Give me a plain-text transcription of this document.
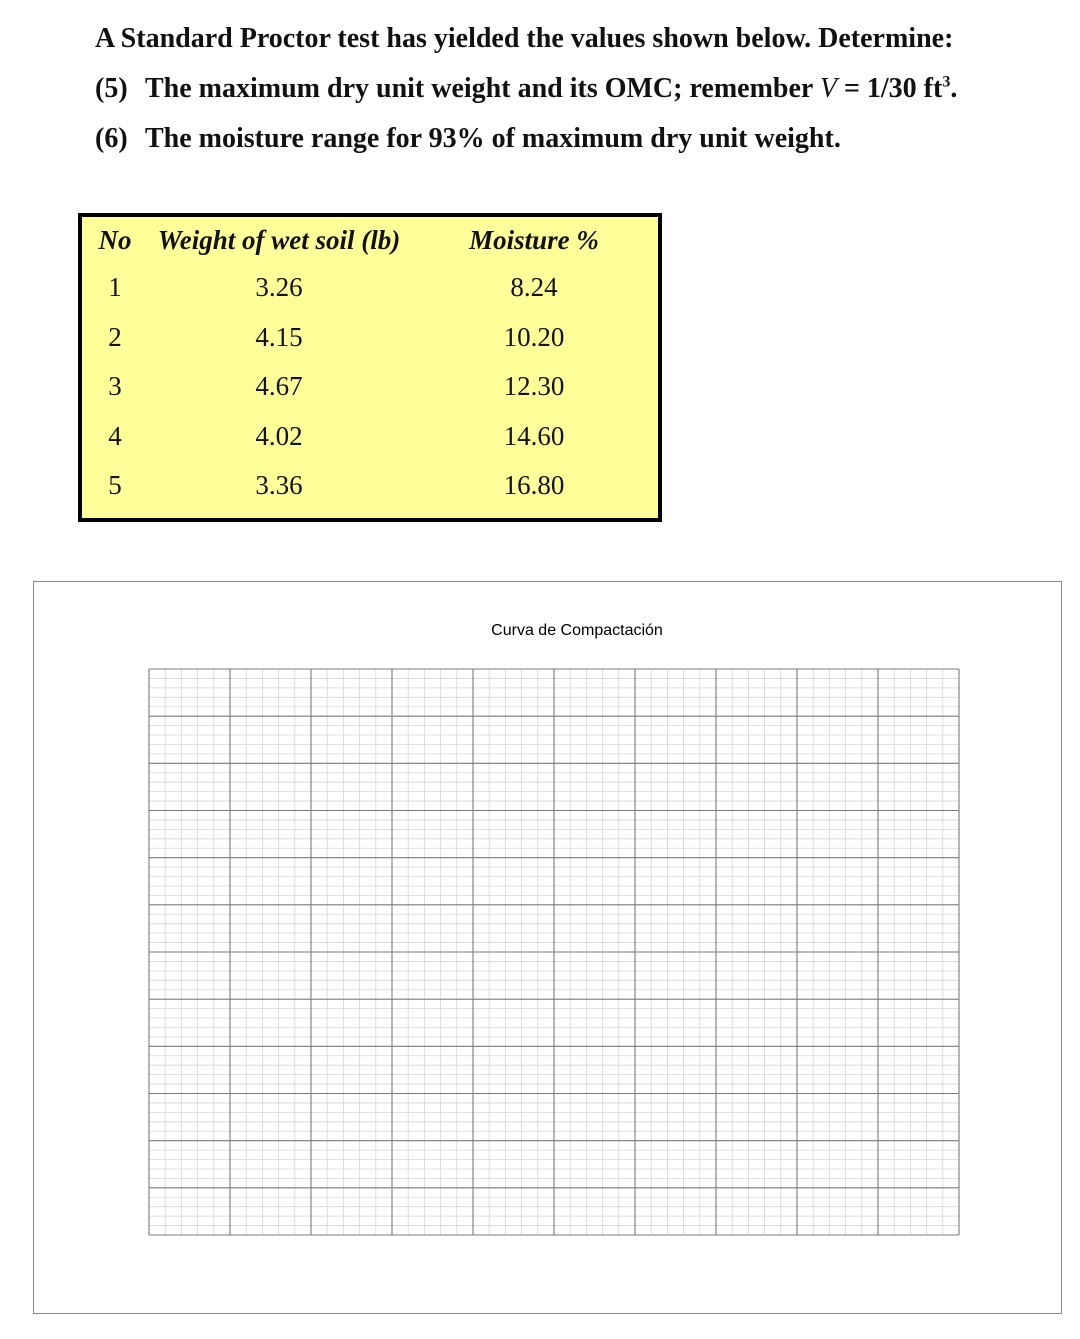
A Standard Proctor test has yielded the values shown below. Determine:
(5) The maximum dry unit weight and its OMC; remember V = 1/30 $ft^3$.
(6) The moisture range for 93% of maximum dry unit weight.
No	Weight of wet soil (lb)	Moisture %
1	3.26	8.24
2	4.15	10.20
3	4.67	12.30
4	4.02	14.60
5	3.36	16.80
Curva de Compactación
